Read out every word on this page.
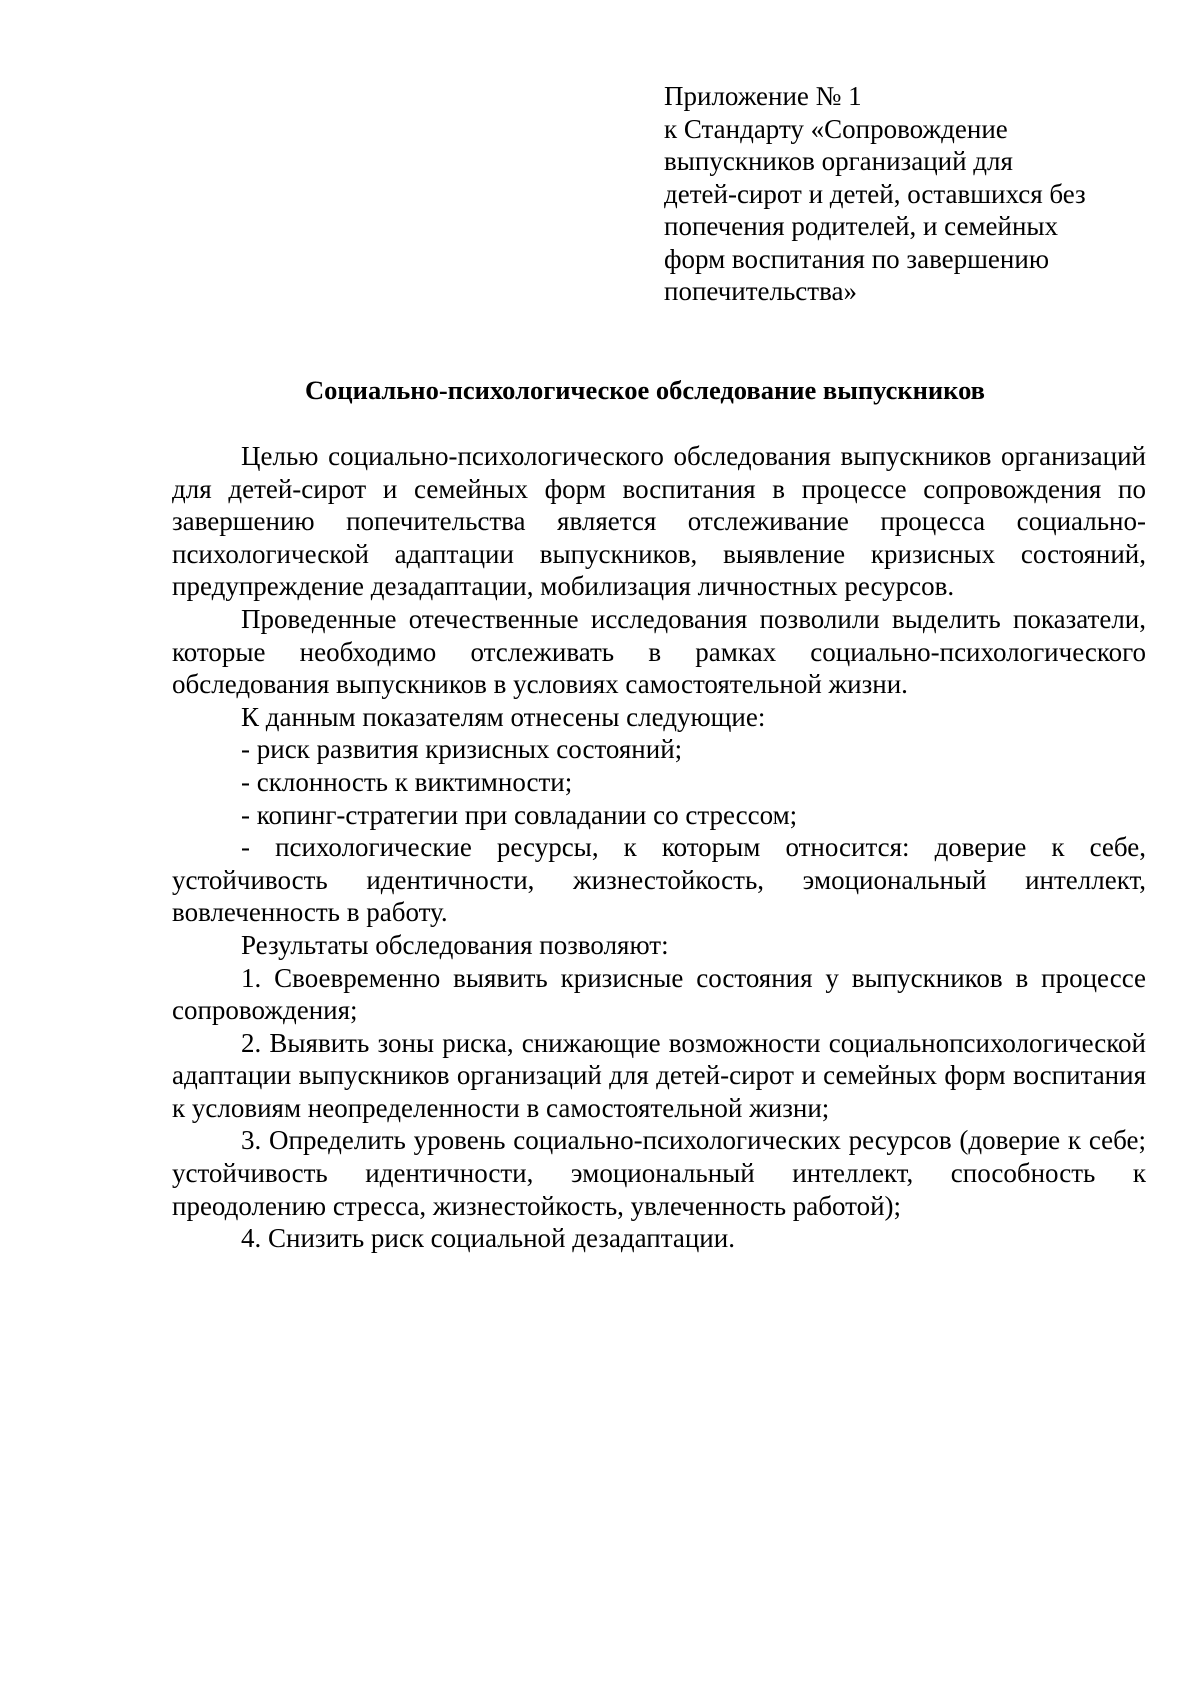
Приложение № 1
к Стандарту «Сопровождение
выпускников организаций для
детей-сирот и детей, оставшихся без
попечения родителей, и семейных
форм воспитания по завершению
попечительства»
Социально-психологическое обследование выпускников

Целью социально-психологического обследования выпускников организаций для детей-сирот и семейных форм воспитания в процессе сопровождения по завершению попечительства является отслеживание процесса социально-психологической адаптации выпускников, выявление кризисных состояний, предупреждение дезадаптации, мобилизация личностных ресурсов.

Проведенные отечественные исследования позволили выделить показатели, которые необходимо отслеживать в рамках социально-психологического обследования выпускников в условиях самостоятельной жизни.

К данным показателям отнесены следующие:

- риск развития кризисных состояний;

- склонность к виктимности;

- копинг-стратегии при совладании со стрессом;

- психологические ресурсы, к которым относится: доверие к себе, устойчивость идентичности, жизнестойкость, эмоциональный интеллект, вовлеченность в работу.

Результаты обследования позволяют:

1. Своевременно выявить кризисные состояния у выпускников в процессе сопровождения;

2. Выявить зоны риска, снижающие возможности социальнопсихологической адаптации выпускников организаций для детей-сирот и семейных форм воспитания к условиям неопределенности в самостоятельной жизни;

3. Определить уровень социально-психологических ресурсов (доверие к себе; устойчивость идентичности, эмоциональный интеллект, способность к преодолению стресса, жизнестойкость, увлеченность работой);

4. Снизить риск социальной дезадаптации.
